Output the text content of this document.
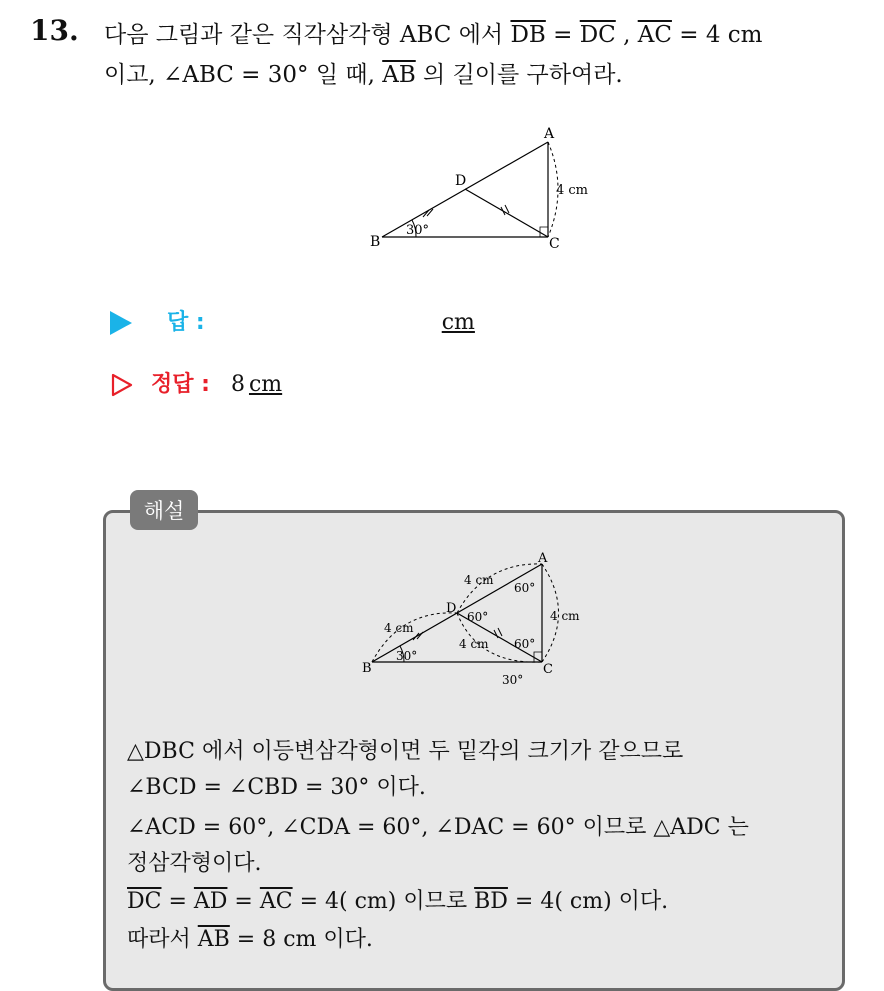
13. 다음 그림과 같은 직각삼각형 ABC 에서 $\overline{DB} = \overline{DC}$ , $\overline{AC} = 4$ cm
이고, ∠ABC = 30° 일 때, $\overline{AB}$ 의 길이를 구하여라.
A
B	C
D
30°
4 cm
답 :	cm
정답 : 8 cm
해설
A
B	C
D
4 cm
4 cm
4 cm
4 cm
30°
60°
60°
60°
30°
△DBC 에서 이등변삼각형이면 두 밑각의 크기가 같으므로
∠BCD = ∠CBD = 30° 이다.
∠ACD = 60°, ∠CDA = 60°, ∠DAC = 60° 이므로 △ADC 는
정삼각형이다.
$\overline{DC} = \overline{AD} = \overline{AC} = 4$( cm) 이므로 $\overline{BD} = 4$( cm) 이다.
따라서 $\overline{AB} = 8$ cm 이다.
